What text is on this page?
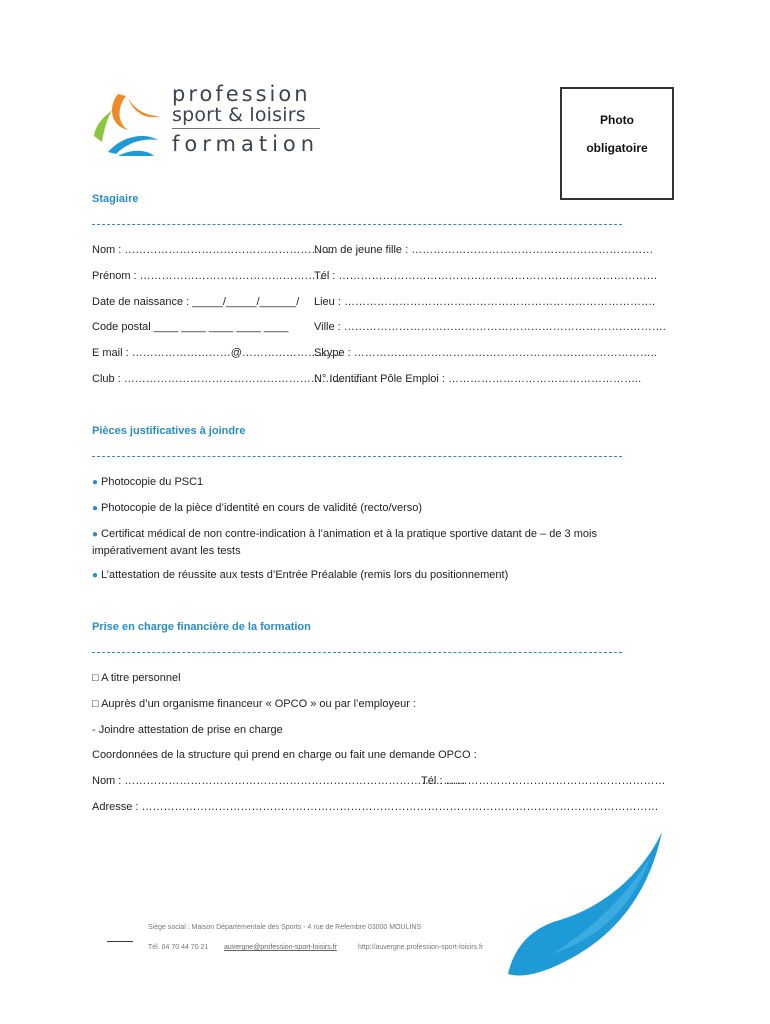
profession
sport & loisirs
formation
Photo
obligatoire
Stagiaire
Nom : …………………………………………………
Nom de jeune fille : …………………………………………………………
Prénom : ……………………………………………
Tél : ……………………………………………………………………………
Date de naissance : _____/_____/______/ Lieu : ………………………………………………………………………….
Code postal ____ ____ ____ ____ ____ Ville : …………………………………………………………………………….
E mail : ………………………@………………………
Skype : ………………………………………………………………………..
Club : ……………………………………………………….
N° Identifiant Pôle Emploi : ……………………………………………..
Pièces justificatives à joindre
● Photocopie du PSC1
● Photocopie de la pièce d’identité en cours de validité (recto/verso)
● Certificat médical de non contre-indication à l’animation et à la pratique sportive datant de – de 3 mois impérativement avant les tests
● L’attestation de réussite aux tests d’Entrée Préalable (remis lors du positionnement)
Prise en charge financière de la formation
□ A titre personnel
□ Auprès d’un organisme financeur « OPCO » ou par l’employeur :
- Joindre attestation de prise en charge
Coordonnées de la structure qui prend en charge ou fait une demande OPCO :
Nom : …………………………………………………………………………………
Tél : ……………………………………………………
Adresse : ……………………………………………………………………………………………………………………………
Siège social : Maison Départementale des Sports - 4 rue de Refembre 03000 MOULINS
Tél. 04 70 44 70 21 auvergne@profession-sport-loisirs.fr	http://auvergne.profession-sport-loisirs.fr
